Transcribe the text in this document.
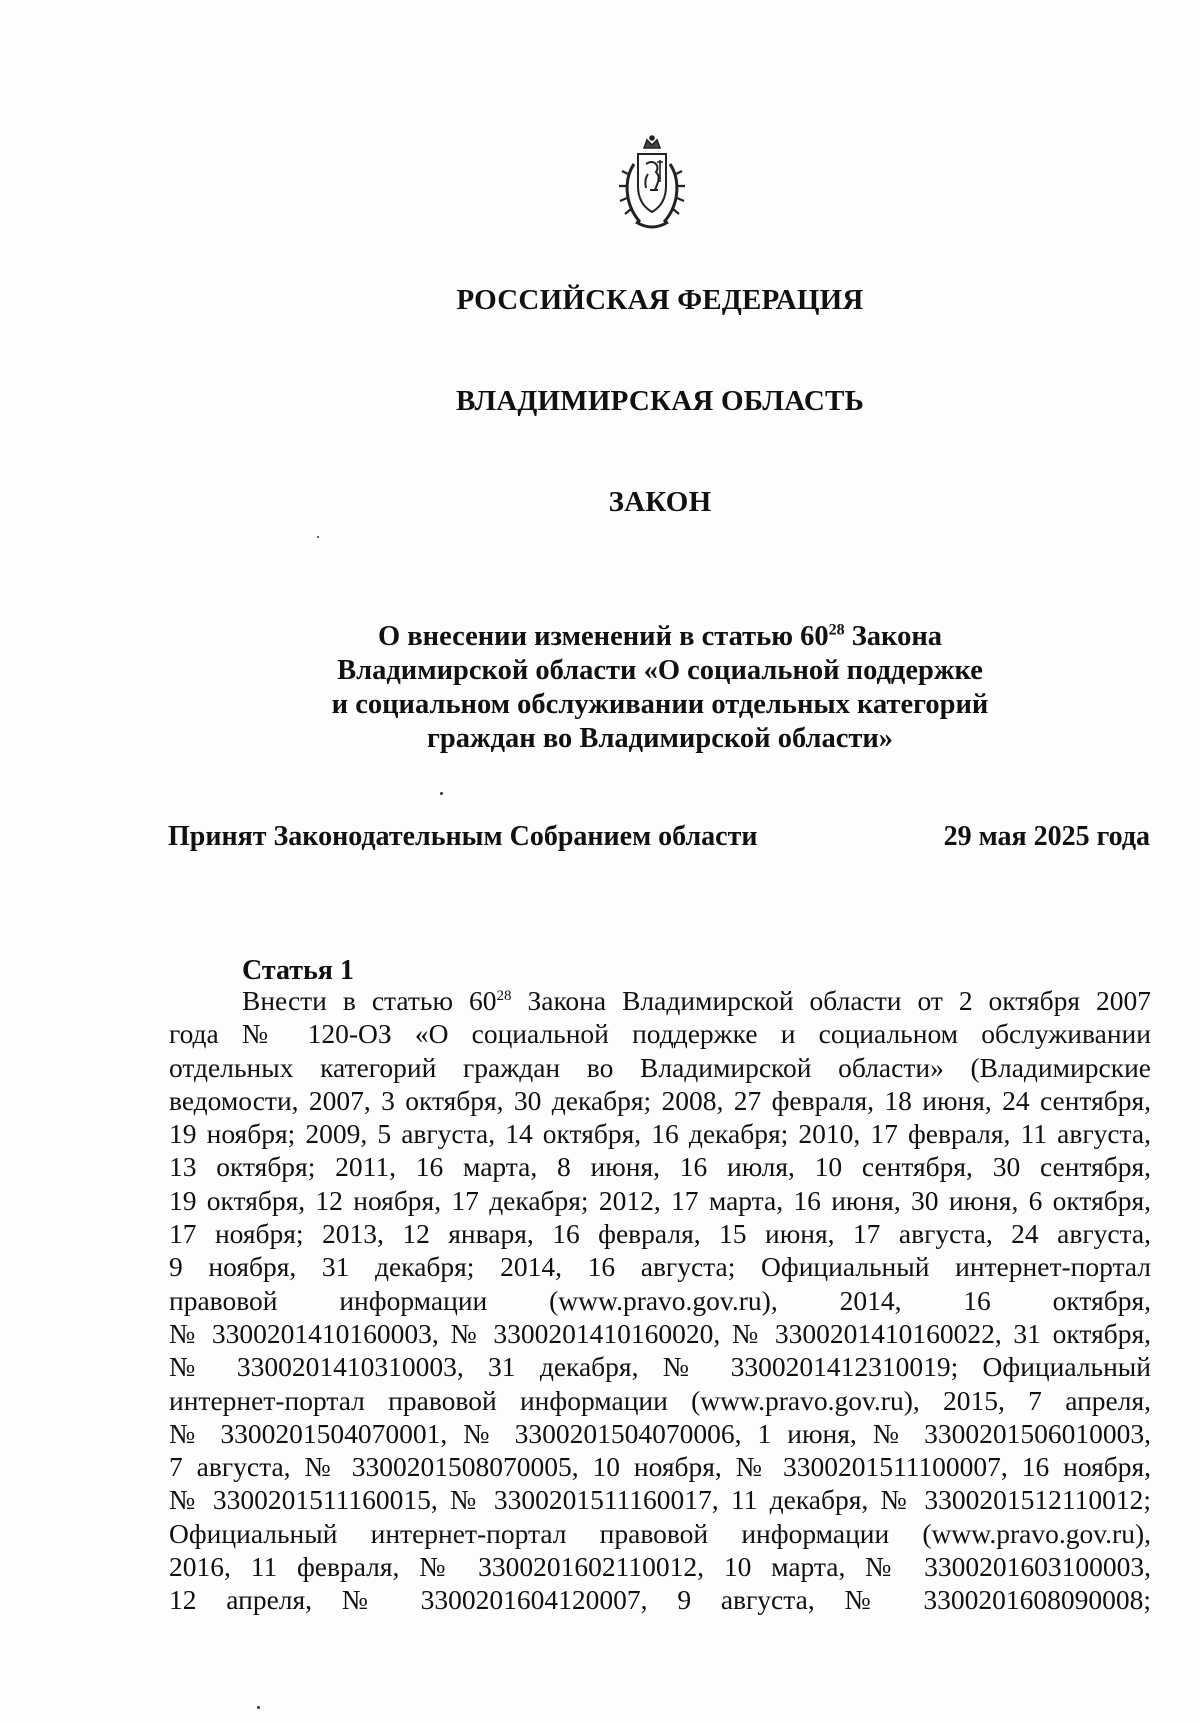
РОССИЙСКАЯ ФЕДЕРАЦИЯ
ВЛАДИМИРСКАЯ ОБЛАСТЬ
ЗАКОН
О внесении изменений в статью $60^{28}$ Закона
Владимирской области «О социальной поддержке
и социальном обслуживании отдельных категорий
граждан во Владимирской области»
Принят Законодательным Собранием области	29 мая 2025 года
Статья 1
Внести в статью $60^{28}$ Закона Владимирской области от 2 октября 2007
года № 120-ОЗ «О социальной поддержке и социальном обслуживании
отдельных категорий граждан во Владимирской области» (Владимирские
ведомости, 2007, 3 октября, 30 декабря; 2008, 27 февраля, 18 июня, 24 сентября,
19 ноября; 2009, 5 августа, 14 октября, 16 декабря; 2010, 17 февраля, 11 августа,
13 октября; 2011, 16 марта, 8 июня, 16 июля, 10 сентября, 30 сентября,
19 октября, 12 ноября, 17 декабря; 2012, 17 марта, 16 июня, 30 июня, 6 октября,
17 ноября; 2013, 12 января, 16 февраля, 15 июня, 17 августа, 24 августа,
9 ноября, 31 декабря; 2014, 16 августа; Официальный интернет-портал
правовой информации (www.pravo.gov.ru), 2014, 16 октября,
№ 3300201410160003, № 3300201410160020, № 3300201410160022, 31 октября,
№ 3300201410310003, 31 декабря, № 3300201412310019; Официальный
интернет-портал правовой информации (www.pravo.gov.ru), 2015, 7 апреля,
№ 3300201504070001, № 3300201504070006, 1 июня, № 3300201506010003,
7 августа, № 3300201508070005, 10 ноября, № 3300201511100007, 16 ноября,
№ 3300201511160015, № 3300201511160017, 11 декабря, № 3300201512110012;
Официальный интернет-портал правовой информации (www.pravo.gov.ru),
2016, 11 февраля, № 3300201602110012, 10 марта, № 3300201603100003,
12 апреля, № 3300201604120007, 9 августа, № 3300201608090008;
